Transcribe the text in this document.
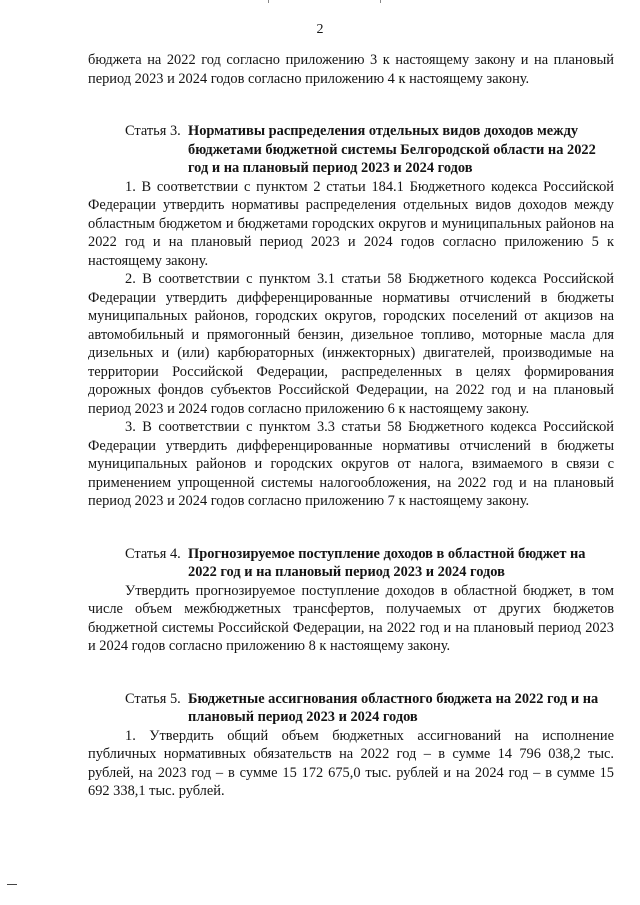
2

бюджета на 2022 год согласно приложению 3 к настоящему закону и на плановый период 2023 и 2024 годов согласно приложению 4 к настоящему закону.

Статья 3. Нормативы распределения отдельных видов доходов между бюджетами бюджетной системы Белгородской области на 2022 год и на плановый период 2023 и 2024 годов

1. В соответствии с пунктом 2 статьи 184.1 Бюджетного кодекса Российской Федерации утвердить нормативы распределения отдельных видов доходов между областным бюджетом и бюджетами городских округов и муниципальных районов на 2022 год и на плановый период 2023 и 2024 годов согласно приложению 5 к настоящему закону.

2. В соответствии с пунктом 3.1 статьи 58 Бюджетного кодекса Российской Федерации утвердить дифференцированные нормативы отчислений в бюджеты муниципальных районов, городских округов, городских поселений от акцизов на автомобильный и прямогонный бензин, дизельное топливо, моторные масла для дизельных и (или) карбюраторных (инжекторных) двигателей, производимые на территории Российской Федерации, распределенных в целях формирования дорожных фондов субъектов Российской Федерации, на 2022 год и на плановый период 2023 и 2024 годов согласно приложению 6 к настоящему закону.

3. В соответствии с пунктом 3.3 статьи 58 Бюджетного кодекса Российской Федерации утвердить дифференцированные нормативы отчислений в бюджеты муниципальных районов и городских округов от налога, взимаемого в связи с применением упрощенной системы налогообложения, на 2022 год и на плановый период 2023 и 2024 годов согласно приложению 7 к настоящему закону.

Статья 4. Прогнозируемое поступление доходов в областной бюджет на 2022 год и на плановый период 2023 и 2024 годов

Утвердить прогнозируемое поступление доходов в областной бюджет, в том числе объем межбюджетных трансфертов, получаемых от других бюджетов бюджетной системы Российской Федерации, на 2022 год и на плановый период 2023 и 2024 годов согласно приложению 8 к настоящему закону.

Статья 5. Бюджетные ассигнования областного бюджета на 2022 год и на плановый период 2023 и 2024 годов

1. Утвердить общий объем бюджетных ассигнований на исполнение публичных нормативных обязательств на 2022 год – в сумме 14 796 038,2 тыс. рублей, на 2023 год – в сумме 15 172 675,0 тыс. рублей и на 2024 год – в сумме 15 692 338,1 тыс. рублей.
